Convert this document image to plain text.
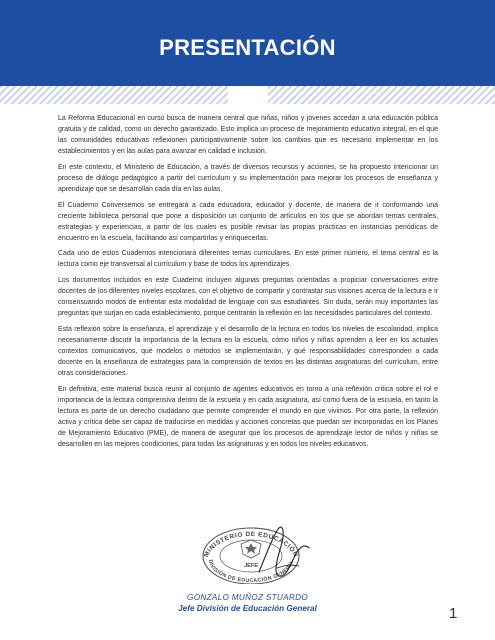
PRESENTACIÓN

La Reforma Educacional en curso busca de manera central que niñas, niños y jóvenes accedan a una educación pública gratuita y de calidad, como un derecho garantizado. Esto implica un proceso de mejoramiento educativo integral, en el que las comunidades educativas reflexionen participativamente sobre los cambios que es necesario implementar en los establecimientos y en las aulas para avanzar en calidad e inclusión.

En este contexto, el Ministerio de Educación, a través de diversos recursos y acciones, se ha propuesto intencionar un proceso de diálogo pedagógico a partir del currículum y su implementación para mejorar los procesos de enseñanza y aprendizaje que se desarrollan cada día en las aulas.

El Cuaderno Conversemos se entregará a cada educadora, educador y docente, de manera de ir conformando una creciente biblioteca personal que pone a disposición un conjunto de artículos en los que se abordan temas centrales, estrategias y experiencias, a partir de los cuales es posible revisar las propias prácticas en instancias periódicas de encuentro en la escuela, facilitando así compartirlas y enriquecerlas.

Cada uno de estos Cuadernos intencionará diferentes temas curriculares. En este primer número, el tema central es la lectura como eje transversal al currículum y base de todos los aprendizajes.

Los documentos incluidos en este Cuaderno incluyen algunas preguntas orientadas a propiciar conversaciones entre docentes de los diferentes niveles escolares, con el objetivo de compartir y contrastar sus visiones acerca de la lectura e ir consensuando modos de enfrentar esta modalidad de lenguaje con sus estudiantes. Sin duda, serán muy importantes las preguntas que surjan en cada establecimiento, porque centrarán la reflexión en las necesidades particulares del contexto.

Esta reflexión sobre la enseñanza, el aprendizaje y el desarrollo de la lectura en todos los niveles de escolaridad, implica necesariamente discutir la importancia de la lectura en la escuela, cómo niños y niñas aprenden a leer en los actuales contextos comunicativos, qué modelos o métodos se implementarán, y qué responsabilidades corresponden a cada docente en la enseñanza de estrategias para la comprensión de textos en las distintas asignaturas del currículum, entre otras consideraciones.

En definitiva, este material busca reunir al conjunto de agentes educativos en torno a una reflexión crítica sobre el rol e importancia de la lectura comprensiva dentro de la escuela y en cada asignatura, así como fuera de la escuela, en tanto la lectura es parte de un derecho ciudadano que permite comprender el mundo en que vivimos. Por otra parte, la reflexión activa y crítica debe ser capaz de traducirse en medidas y acciones concretas que puedan ser incorporadas en los Planes de Mejoramiento Educativo (PME), de manera de asegurar que los procesos de aprendizaje lector de niños y niñas se desarrollen en las mejores condiciones, para todas las asignaturas y en todos los niveles educativos.

MINISTERIO DE EDUCACIÓN
DIVISIÓN DE EDUCACIÓN GENERAL
JEFE
GONZALO MUÑOZ STUARDO
Jefe División de Educación General	1
